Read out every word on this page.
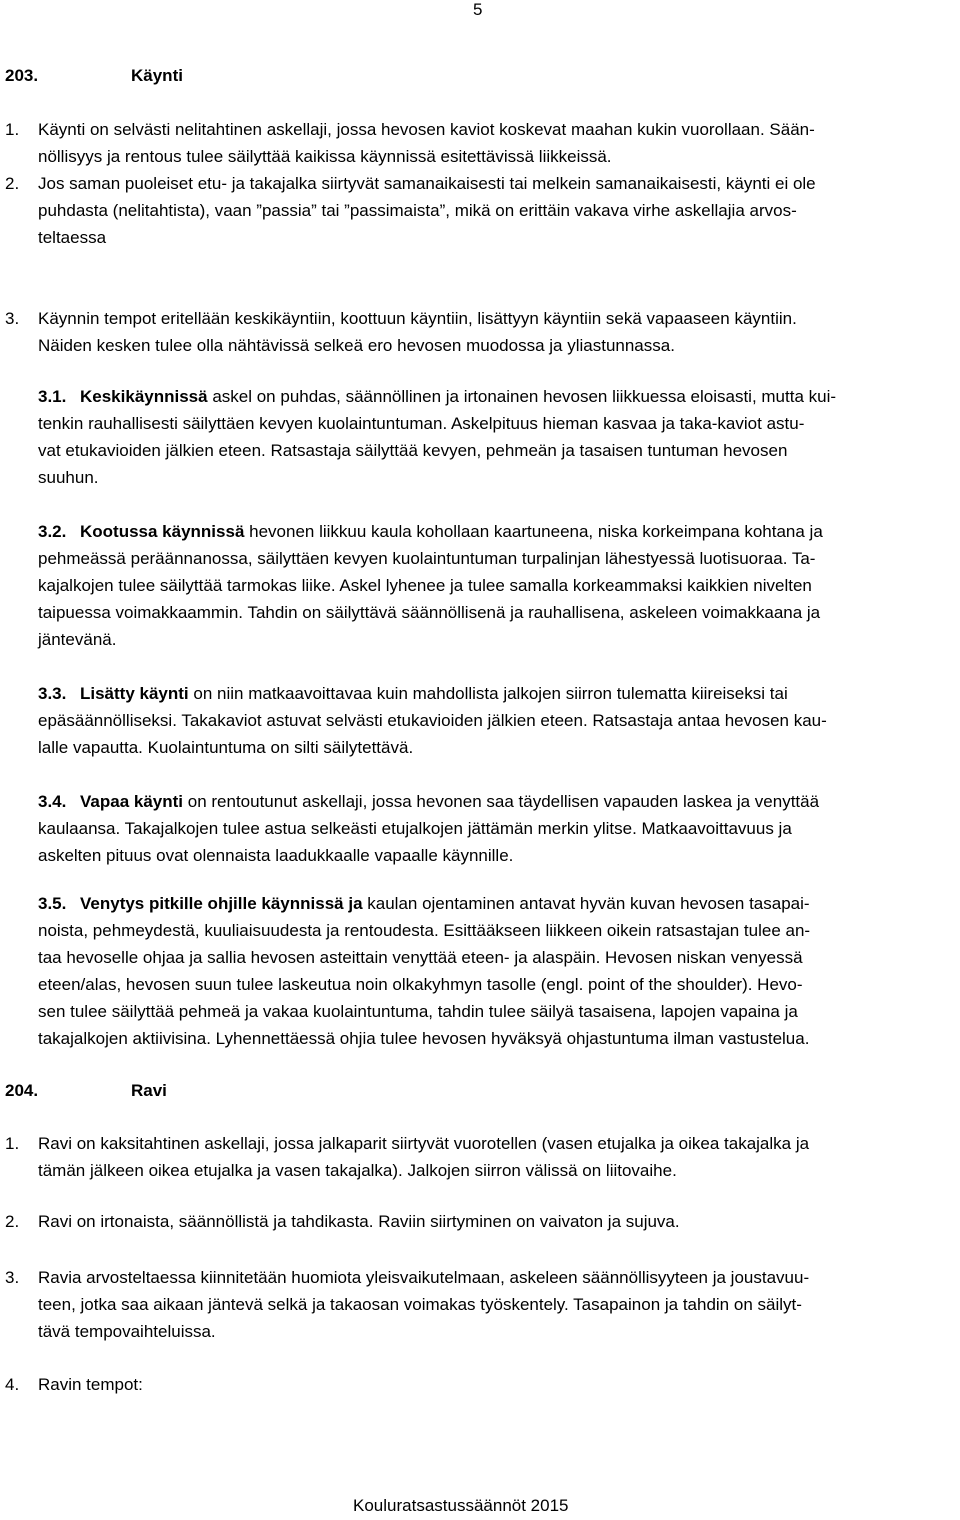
5
203.	Käynti
1. Käynti on selvästi nelitahtinen askellaji, jossa hevosen kaviot koskevat maahan kukin vuorollaan. Sään-
nöllisyys ja rentous tulee säilyttää kaikissa käynnissä esitettävissä liikkeissä.
2. Jos saman puoleiset etu- ja takajalka siirtyvät samanaikaisesti tai melkein samanaikaisesti, käynti ei ole
puhdasta (nelitahtista), vaan ”passia” tai ”passimaista”, mikä on erittäin vakava virhe askellajia arvos-
teltaessa
3. Käynnin tempot eritellään keskikäyntiin, koottuun käyntiin, lisättyyn käyntiin sekä vapaaseen käyntiin.
Näiden kesken tulee olla nähtävissä selkeä ero hevosen muodossa ja yliastunnassa.
3.1. Keskikäynnissä askel on puhdas, säännöllinen ja irtonainen hevosen liikkuessa eloisasti, mutta kui-
tenkin rauhallisesti säilyttäen kevyen kuolaintuntuman. Askelpituus hieman kasvaa ja taka-kaviot astu-
vat etukavioiden jälkien eteen. Ratsastaja säilyttää kevyen, pehmeän ja tasaisen tuntuman hevosen
suuhun.
3.2. Kootussa käynnissä hevonen liikkuu kaula kohollaan kaartuneena, niska korkeimpana kohtana ja
pehmeässä peräännanossa, säilyttäen kevyen kuolaintuntuman turpalinjan lähestyessä luotisuoraa. Ta-
kajalkojen tulee säilyttää tarmokas liike. Askel lyhenee ja tulee samalla korkeammaksi kaikkien nivelten
taipuessa voimakkaammin. Tahdin on säilyttävä säännöllisenä ja rauhallisena, askeleen voimakkaana ja
jäntevänä.
3.3. Lisätty käynti on niin matkaavoittavaa kuin mahdollista jalkojen siirron tulematta kiireiseksi tai
epäsäännölliseksi. Takakaviot astuvat selvästi etukavioiden jälkien eteen. Ratsastaja antaa hevosen kau-
lalle vapautta. Kuolaintuntuma on silti säilytettävä.
3.4. Vapaa käynti on rentoutunut askellaji, jossa hevonen saa täydellisen vapauden laskea ja venyttää
kaulaansa. Takajalkojen tulee astua selkeästi etujalkojen jättämän merkin ylitse. Matkaavoittavuus ja
askelten pituus ovat olennaista laadukkaalle vapaalle käynnille.
3.5. Venytys pitkille ohjille käynnissä ja kaulan ojentaminen antavat hyvän kuvan hevosen tasapai-
noista, pehmeydestä, kuuliaisuudesta ja rentoudesta. Esittääkseen liikkeen oikein ratsastajan tulee an-
taa hevoselle ohjaa ja sallia hevosen asteittain venyttää eteen- ja alaspäin. Hevosen niskan venyessä
eteen/alas, hevosen suun tulee laskeutua noin olkakyhmyn tasolle (engl. point of the shoulder). Hevo-
sen tulee säilyttää pehmeä ja vakaa kuolaintuntuma, tahdin tulee säilyä tasaisena, lapojen vapaina ja
takajalkojen aktiivisina. Lyhennettäessä ohjia tulee hevosen hyväksyä ohjastuntuma ilman vastustelua.
204.	Ravi
1. Ravi on kaksitahtinen askellaji, jossa jalkaparit siirtyvät vuorotellen (vasen etujalka ja oikea takajalka ja
tämän jälkeen oikea etujalka ja vasen takajalka). Jalkojen siirron välissä on liitovaihe.
2. Ravi on irtonaista, säännöllistä ja tahdikasta. Raviin siirtyminen on vaivaton ja sujuva.
3. Raviа arvosteltaessa kiinnitetään huomiota yleisvaikutelmaan, askeleen säännöllisyyteen ja joustavuu-
teen, jotka saa aikaan jäntevä selkä ja takaosan voimakas työskentely. Tasapainon ja tahdin on säilyt-
tävä tempovaihteluissa.
4. Ravin tempot:
Kouluratsastussäännöt 2015
